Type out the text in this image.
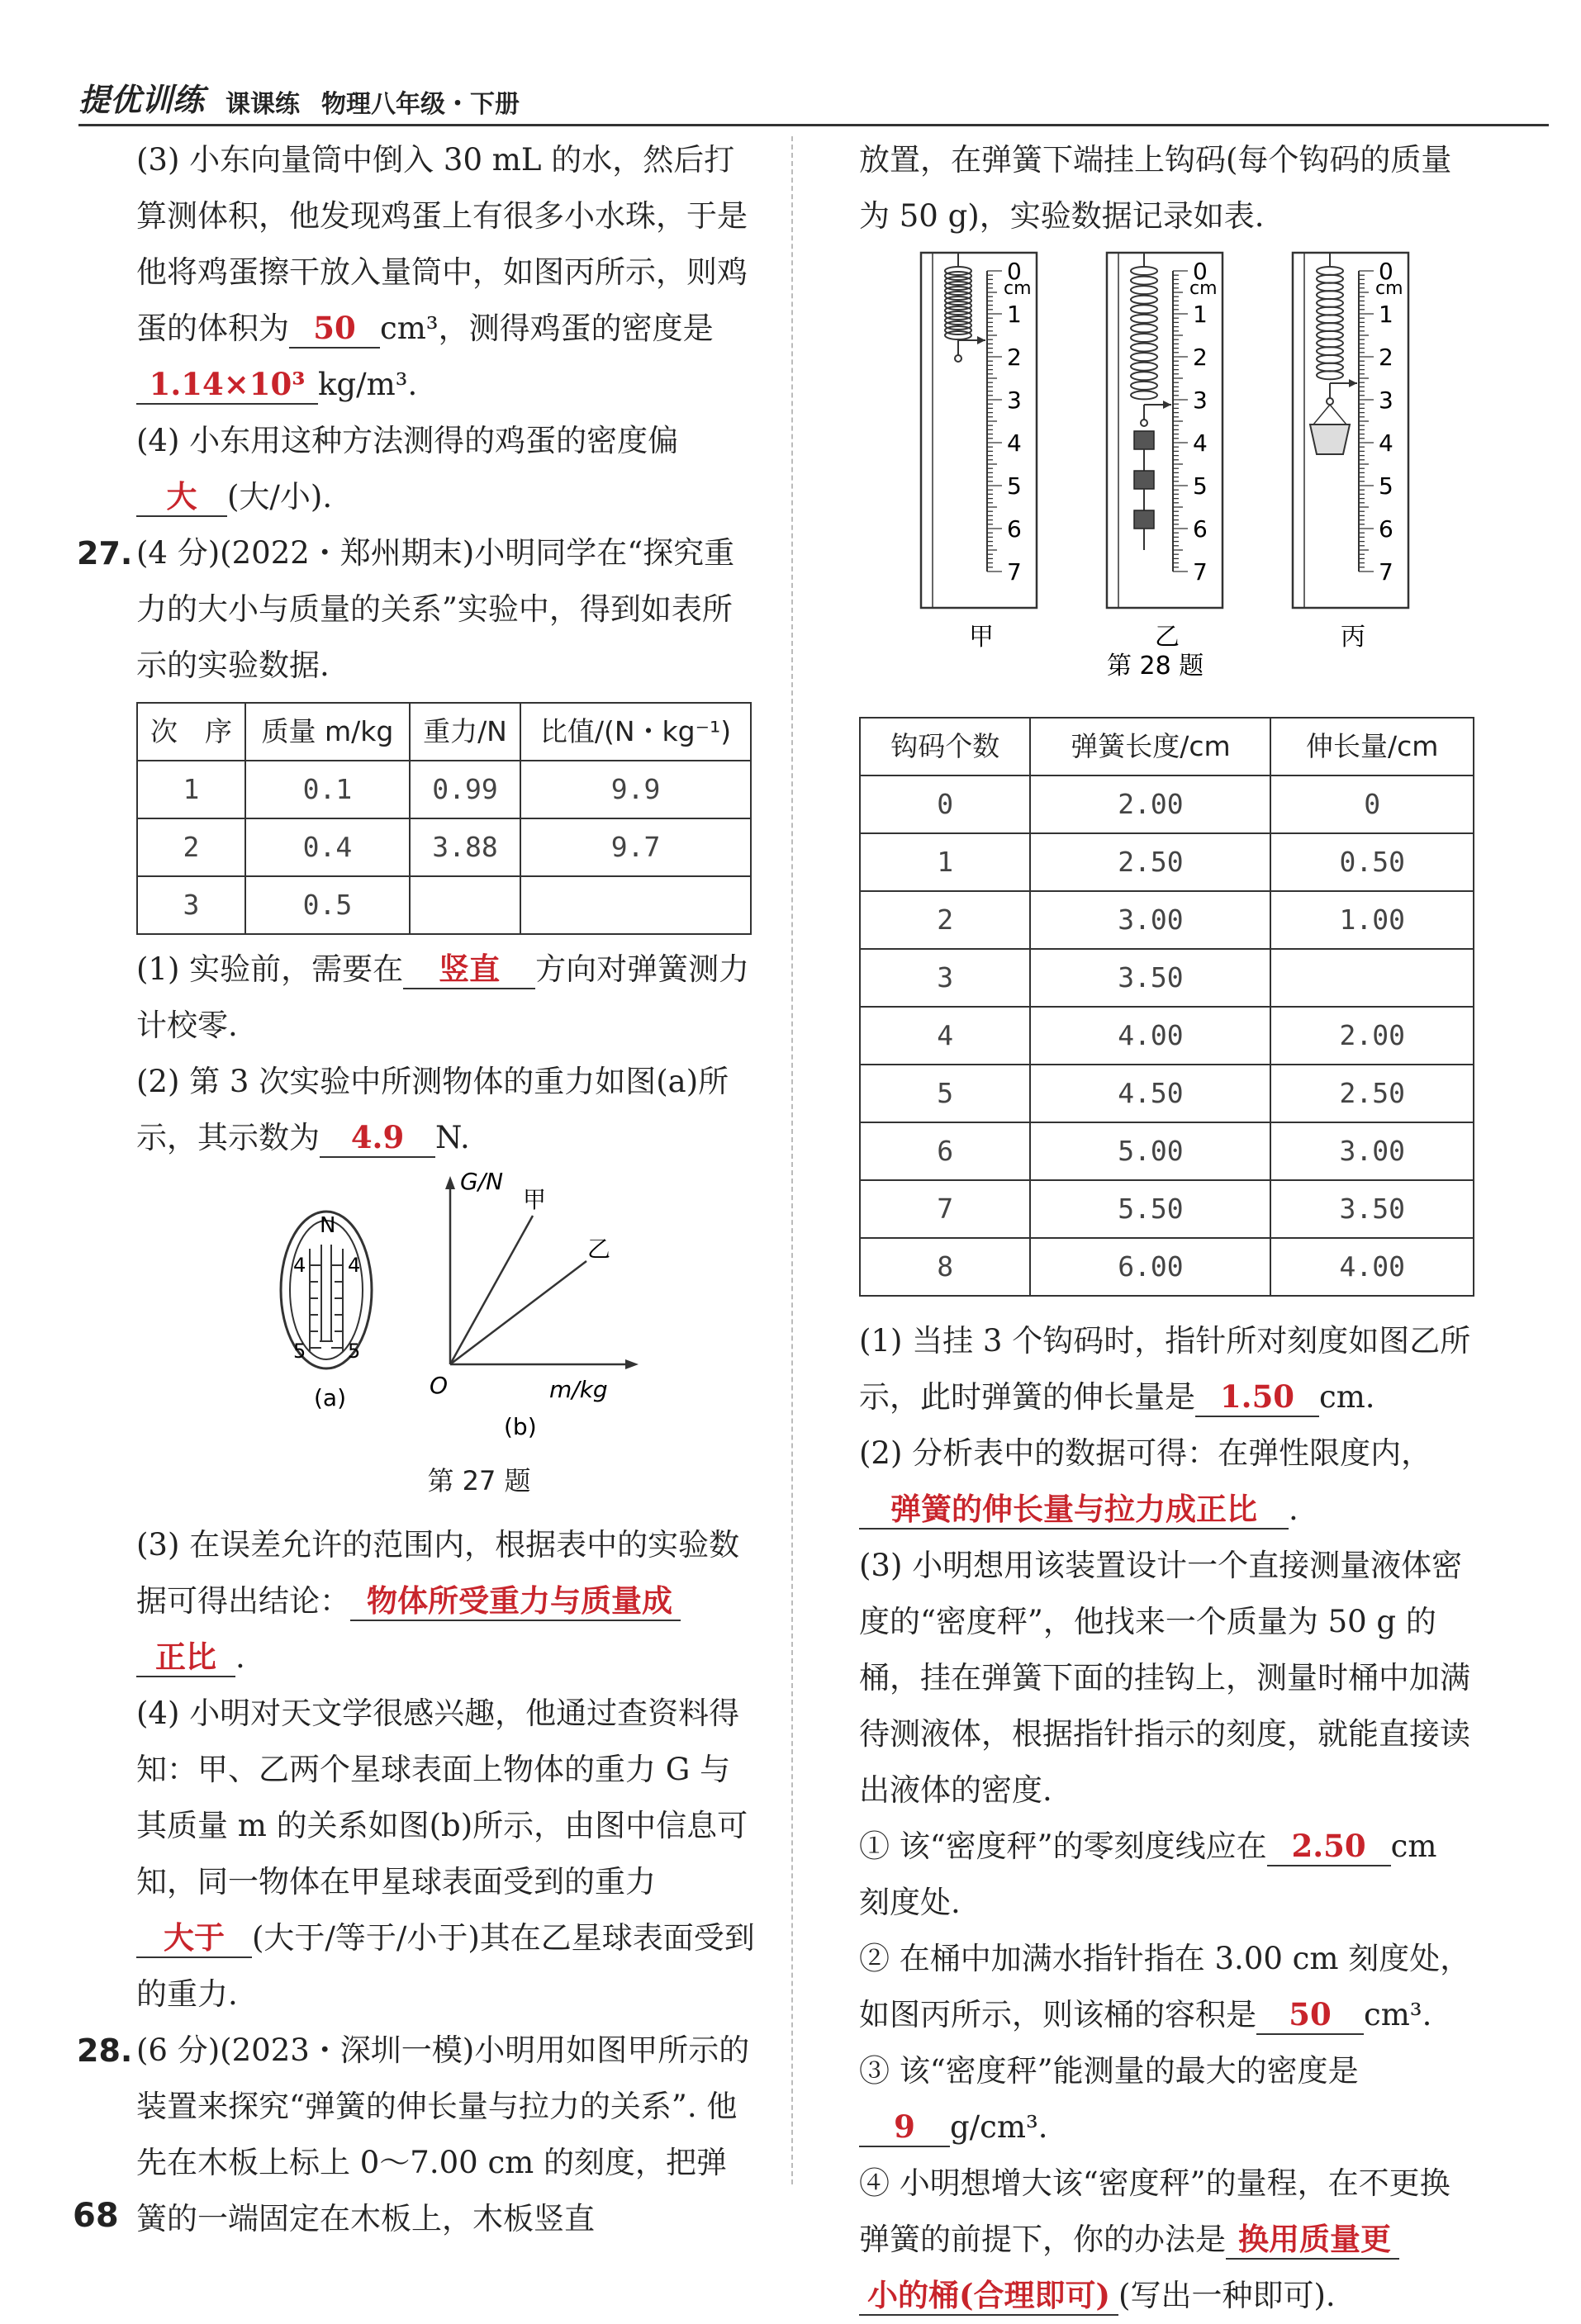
提优训练 课课练 物理八年级・下册

(3) 小东向量筒中倒入 30 mL 的水，然后打算测体积，他发现鸡蛋上有很多小水珠，于是他将鸡蛋擦干放入量筒中，如图丙所示，则鸡蛋的体积为 50 cm³，测得鸡蛋的密度是1.14×10³ kg/m³.

(4) 小东用这种方法测得的鸡蛋的密度偏大 (大/小).

27. (4 分)(2022・郑州期末)小明同学在“探究重力的大小与质量的关系”实验中，得到如表所示的实验数据.

次　序	质量 m/kg	重力/N	比值/(N・kg⁻¹)
1	0.1	0.99	9.9
2	0.4	3.88	9.7
3	0.5		

(1) 实验前，需要在 竖直 方向对弹簧测力计校零.

(2) 第 3 次实验中所测物体的重力如图(a)所示，其示数为 4.9 N.

N
4 4
5 5
(a)
G/N
甲
乙
O	m/kg
(b)
第 27 题

(3) 在误差允许的范围内，根据表中的实验数据可得出结论： 物体所受重力与质量成
正比 .

(4) 小明对天文学很感兴趣，他通过查资料得知：甲、乙两个星球表面上物体的重力 G 与其质量 m 的关系如图(b)所示，由图中信息可知，同一物体在甲星球表面受到的重力大于 (大于/等于/小于)其在乙星球表面受到的重力.

28. (6 分)(2023・深圳一模)小明用如图甲所示的装置来探究“弹簧的伸长量与拉力的关系”. 他先在木板上标上 0～7.00 cm 的刻度，把弹簧的一端固定在木板上，木板竖直

放置，在弹簧下端挂上钩码(每个钩码的质量为 50 g)，实验数据记录如表.

0
1
2
3
4
5
6
7
cm
甲
0
1
2
3
4
5
6
7
cm
乙
0
1
2
3
4
5
6
7
cm
丙
第 28 题
钩码个数	弹簧长度/cm	伸长量/cm
0	2.00	0
1	2.50	0.50
2	3.00	1.00
3	3.50	
4	4.00	2.00
5	4.50	2.50
6	5.00	3.00
7	5.50	3.50
8	6.00	4.00

(1) 当挂 3 个钩码时，指针所对刻度如图乙所示，此时弹簧的伸长量是 1.50 cm.

(2) 分析表中的数据可得：在弹性限度内，
弹簧的伸长量与拉力成正比 .

(3) 小明想用该装置设计一个直接测量液体密度的“密度秤”，他找来一个质量为 50 g 的桶，挂在弹簧下面的挂钩上，测量时桶中加满待测液体，根据指针指示的刻度，就能直接读出液体的密度.

① 该“密度秤”的零刻度线应在 2.50 cm 刻度处.

② 在桶中加满水指针指在 3.00 cm 刻度处，如图丙所示，则该桶的容积是 50 cm³.

③ 该“密度秤”能测量的最大的密度是
9 g/cm³.

④ 小明想增大该“密度秤”的量程，在不更换弹簧的前提下，你的办法是 换用质量更
小的桶(合理即可) (写出一种即可).

68
